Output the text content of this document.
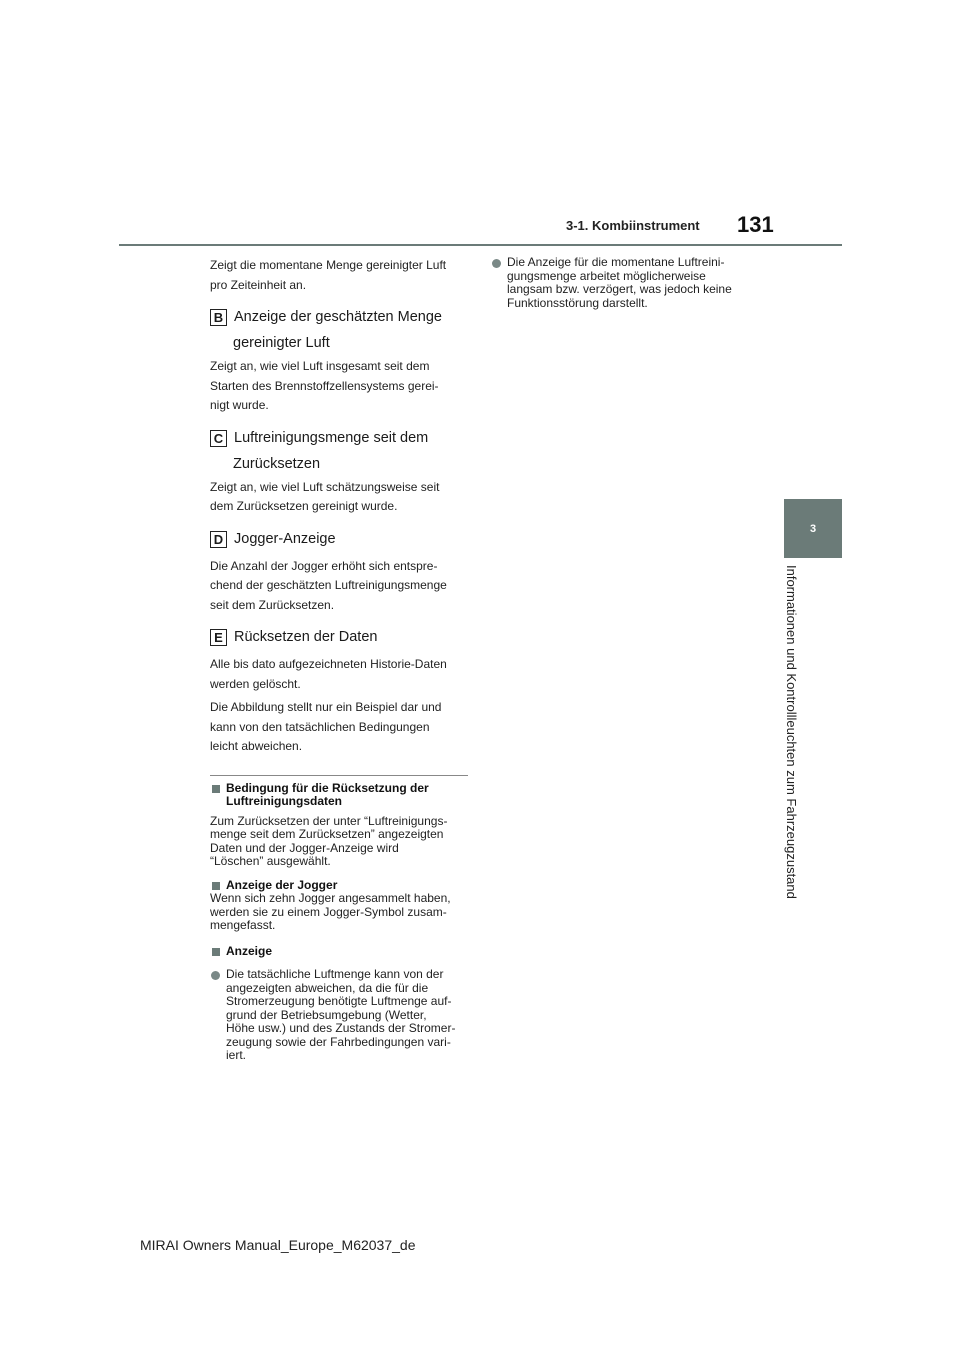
3-1. Kombiinstrument 131
3
Informationen und Kontrollleuchten zum Fahrzeugzustand

Zeigt die momentane Menge gereinigter Luft
pro Zeiteinheit an.

B Anzeige der geschätzten Menge
gereinigter Luft

Zeigt an, wie viel Luft insgesamt seit dem
Starten des Brennstoffzellensystems gerei-
nigt wurde.

C Luftreinigungsmenge seit dem
Zurücksetzen

Zeigt an, wie viel Luft schätzungsweise seit
dem Zurücksetzen gereinigt wurde.

D Jogger-Anzeige

Die Anzahl der Jogger erhöht sich entspre-
chend der geschätzten Luftreinigungsmenge
seit dem Zurücksetzen.

E Rücksetzen der Daten

Alle bis dato aufgezeichneten Historie-Daten
werden gelöscht.

Die Abbildung stellt nur ein Beispiel dar und
kann von den tatsächlichen Bedingungen
leicht abweichen.

Bedingung für die Rücksetzung der
Luftreinigungsdaten

Zum Zurücksetzen der unter “Luftreinigungs-
menge seit dem Zurücksetzen” angezeigten
Daten und der Jogger-Anzeige wird
“Löschen” ausgewählt.

Anzeige der Jogger

Wenn sich zehn Jogger angesammelt haben,
werden sie zu einem Jogger-Symbol zusam-
mengefasst.

Anzeige

Die tatsächliche Luftmenge kann von der
angezeigten abweichen, da die für die
Stromerzeugung benötigte Luftmenge auf-
grund der Betriebsumgebung (Wetter,
Höhe usw.) und des Zustands der Stromer-
zeugung sowie der Fahrbedingungen vari-
iert.

Die Anzeige für die momentane Luftreini-
gungsmenge arbeitet möglicherweise
langsam bzw. verzögert, was jedoch keine
Funktionsstörung darstellt.

MIRAI Owners Manual_Europe_M62037_de
